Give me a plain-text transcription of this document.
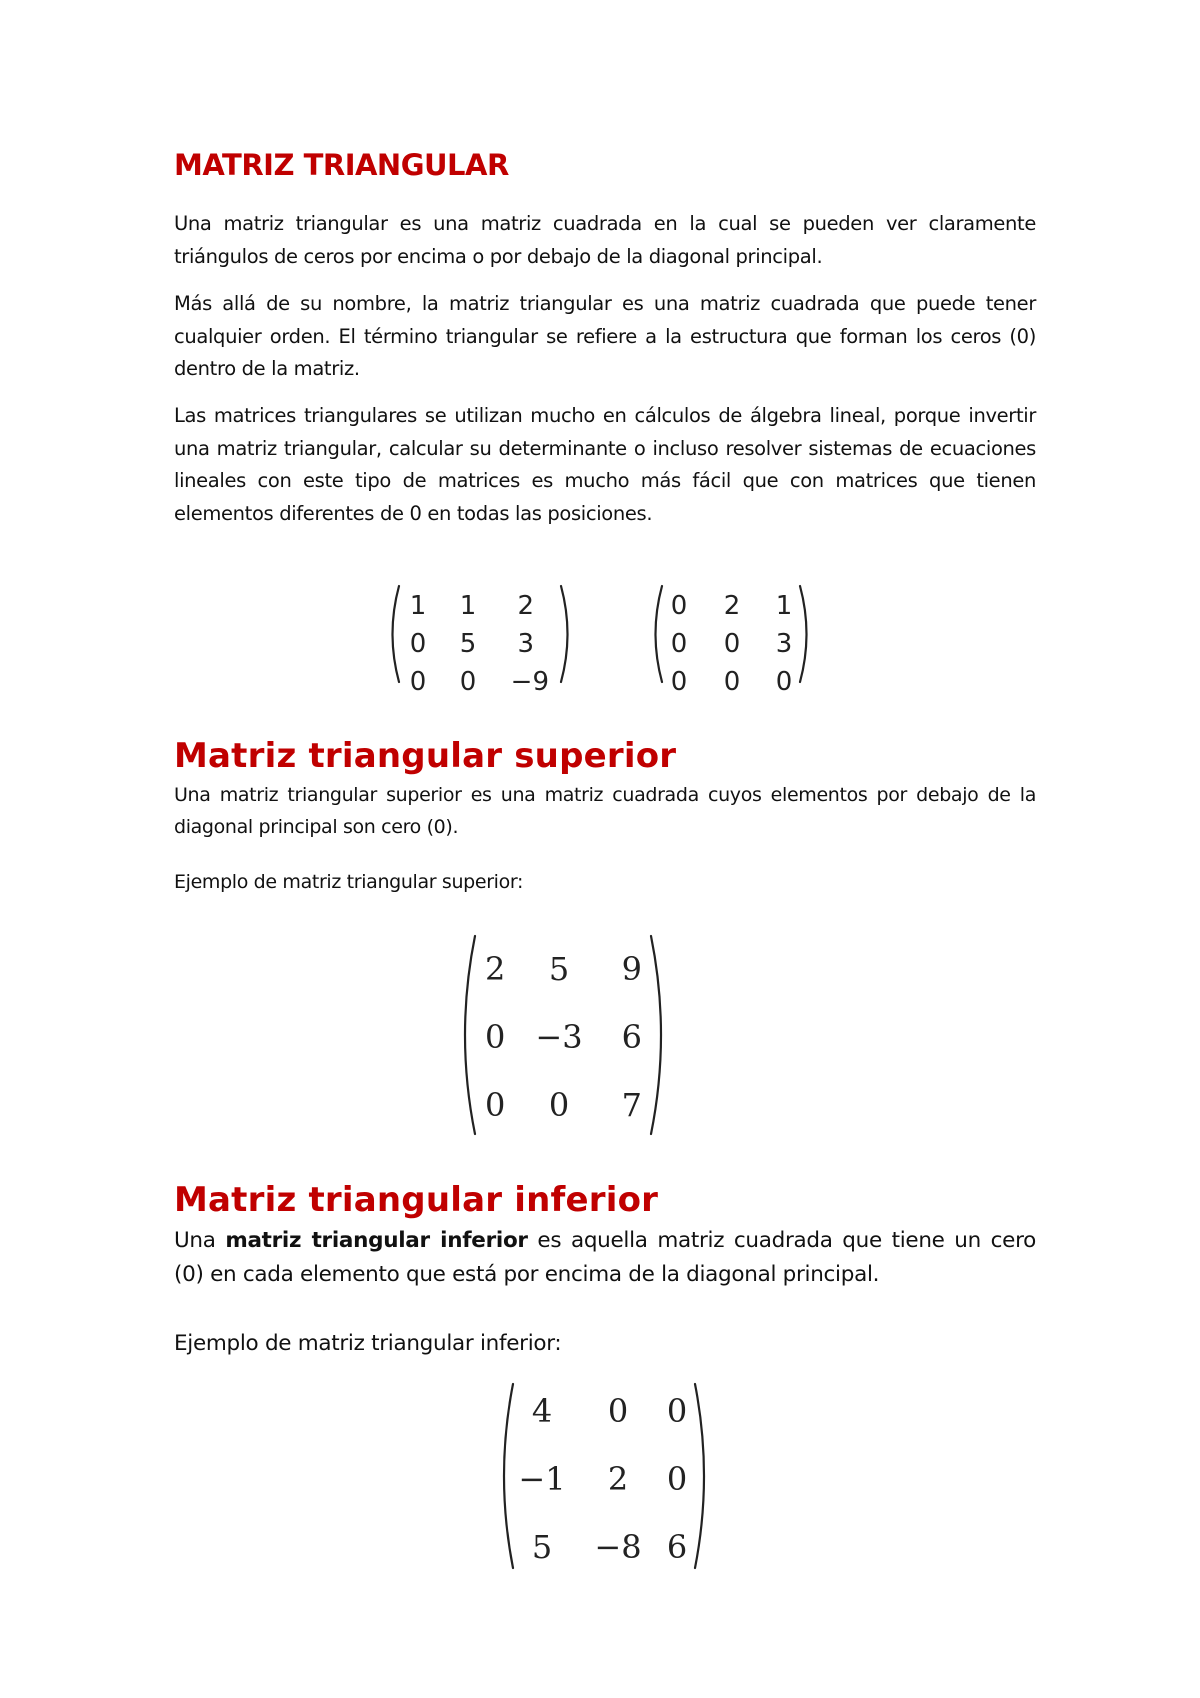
MATRIZ TRIANGULAR

Una matriz triangular es una matriz cuadrada en la cual se pueden ver claramente triángulos de ceros por encima o por debajo de la diagonal principal.

Más allá de su nombre, la matriz triangular es una matriz cuadrada que puede tener cualquier orden. El término triangular se refiere a la estructura que forman los ceros (0) dentro de la matriz.

Las matrices triangulares se utilizan mucho en cálculos de álgebra lineal, porque invertir una matriz triangular, calcular su determinante o incluso resolver sistemas de ecuaciones lineales con este tipo de matrices es mucho más fácil que con matrices que tienen elementos diferentes de 0 en todas las posiciones.

1 1 2
0 5 3
0 0 −9
0 2 1
0 0 3
0 0 0
Matriz triangular superior

Una matriz triangular superior es una matriz cuadrada cuyos elementos por debajo de la diagonal principal son cero (0).

Ejemplo de matriz triangular superior:

2 5 9
0 −3 6
0 0 7
Matriz triangular inferior

Una matriz triangular inferior es aquella matriz cuadrada que tiene un cero (0) en cada elemento que está por encima de la diagonal principal.

Ejemplo de matriz triangular inferior:

4 0 0
−1 2 0
5 −8 6
